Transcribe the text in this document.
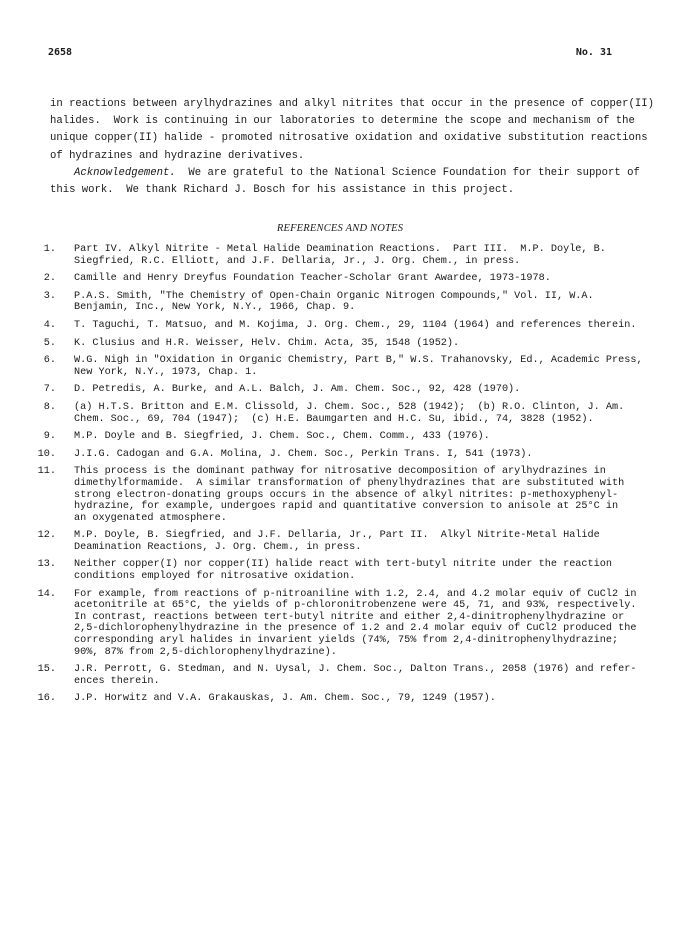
2658	No. 31
in reactions between arylhydrazines and alkyl nitrites that occur in the presence of copper(II)
halides.  Work is continuing in our laboratories to determine the scope and mechanism of the
unique copper(II) halide - promoted nitrosative oxidation and oxidative substitution reactions
of hydrazines and hydrazine derivatives.
Acknowledgement.  We are grateful to the National Science Foundation for their support of
this work.  We thank Richard J. Bosch for his assistance in this project.
REFERENCES AND NOTES
1. Part IV. Alkyl Nitrite - Metal Halide Deamination Reactions.  Part III.  M.P. Doyle, B.
Siegfried, R.C. Elliott, and J.F. Dellaria, Jr., J. Org. Chem., in press.
2. Camille and Henry Dreyfus Foundation Teacher-Scholar Grant Awardee, 1973-1978.
3. P.A.S. Smith, "The Chemistry of Open-Chain Organic Nitrogen Compounds," Vol. II, W.A.
Benjamin, Inc., New York, N.Y., 1966, Chap. 9.
4. T. Taguchi, T. Matsuo, and M. Kojima, J. Org. Chem., 29, 1104 (1964) and references therein.
5. K. Clusius and H.R. Weisser, Helv. Chim. Acta, 35, 1548 (1952).
6. W.G. Nigh in "Oxidation in Organic Chemistry, Part B," W.S. Trahanovsky, Ed., Academic Press,
New York, N.Y., 1973, Chap. 1.
7. D. Petredis, A. Burke, and A.L. Balch, J. Am. Chem. Soc., 92, 428 (1970).
8. (a) H.T.S. Britton and E.M. Clissold, J. Chem. Soc., 528 (1942);  (b) R.O. Clinton, J. Am.
Chem. Soc., 69, 704 (1947);  (c) H.E. Baumgarten and H.C. Su, ibid., 74, 3828 (1952).
9. M.P. Doyle and B. Siegfried, J. Chem. Soc., Chem. Comm., 433 (1976).
10. J.I.G. Cadogan and G.A. Molina, J. Chem. Soc., Perkin Trans. I, 541 (1973).
11. This process is the dominant pathway for nitrosative decomposition of arylhydrazines in
dimethylformamide.  A similar transformation of phenylhydrazines that are substituted with
strong electron-donating groups occurs in the absence of alkyl nitrites: p-methoxyphenyl-
hydrazine, for example, undergoes rapid and quantitative conversion to anisole at 25°C in
an oxygenated atmosphere.
12. M.P. Doyle, B. Siegfried, and J.F. Dellaria, Jr., Part II.  Alkyl Nitrite-Metal Halide
Deamination Reactions, J. Org. Chem., in press.
13. Neither copper(I) nor copper(II) halide react with tert-butyl nitrite under the reaction
conditions employed for nitrosative oxidation.
14. For example, from reactions of p-nitroaniline with 1.2, 2.4, and 4.2 molar equiv of CuCl2 in
acetonitrile at 65°C, the yields of p-chloronitrobenzene were 45, 71, and 93%, respectively.
In contrast, reactions between tert-butyl nitrite and either 2,4-dinitrophenylhydrazine or
2,5-dichlorophenylhydrazine in the presence of 1.2 and 2.4 molar equiv of CuCl2 produced the
corresponding aryl halides in invarient yields (74%, 75% from 2,4-dinitrophenylhydrazine;
90%, 87% from 2,5-dichlorophenylhydrazine).
15. J.R. Perrott, G. Stedman, and N. Uysal, J. Chem. Soc., Dalton Trans., 2058 (1976) and refer-
ences therein.
16. J.P. Horwitz and V.A. Grakauskas, J. Am. Chem. Soc., 79, 1249 (1957).
